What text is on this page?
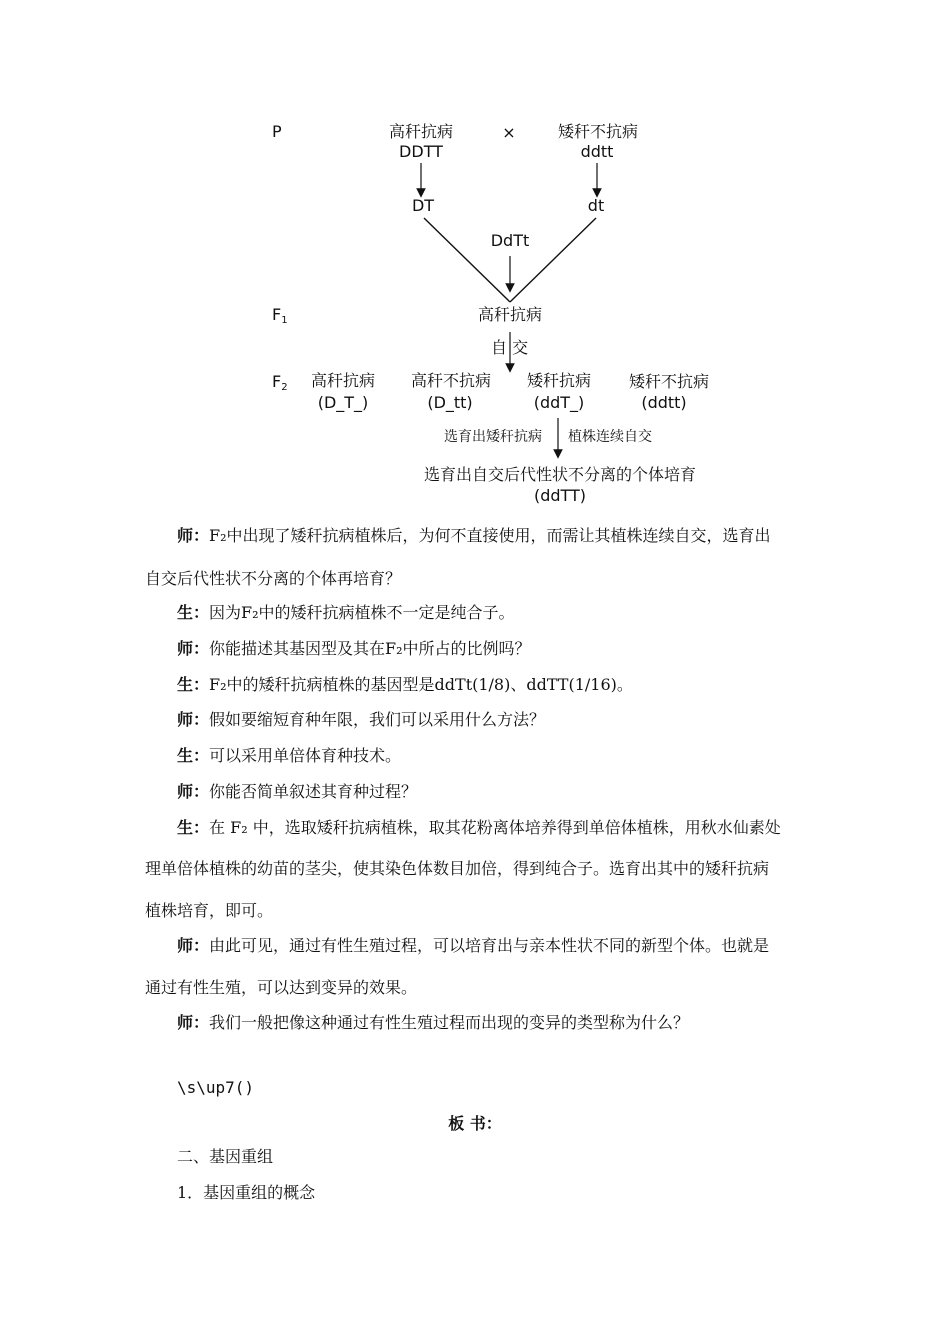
P	高秆抗病
DDTT
×	矮秆不抗病
ddtt
DT	dt
DdTt
$F_1$	高秆抗病
自 交
$F_2$ 高秆抗病
(D_T_)
高秆不抗病
(D_tt)
矮秆抗病
(ddT_)
矮秆不抗病
(ddtt)
选育出矮秆抗病 植株连续自交
选育出自交后代性状不分离的个体培育
(ddTT)
师：F₂中出现了矮秆抗病植株后，为何不直接使用，而需让其植株连续自交，选育出
自交后代性状不分离的个体再培育？
生：因为F₂中的矮秆抗病植株不一定是纯合子。
师：你能描述其基因型及其在F₂中所占的比例吗？
生：F₂中的矮秆抗病植株的基因型是ddTt(1/8)、ddTT(1/16)。
师：假如要缩短育种年限，我们可以采用什么方法？
生：可以采用单倍体育种技术。
师：你能否简单叙述其育种过程？
生：在 F₂ 中，选取矮秆抗病植株，取其花粉离体培养得到单倍体植株，用秋水仙素处
理单倍体植株的幼苗的茎尖，使其染色体数目加倍，得到纯合子。选育出其中的矮秆抗病
植株培育，即可。
师：由此可见，通过有性生殖过程，可以培育出与亲本性状不同的新型个体。也就是
通过有性生殖，可以达到变异的效果。
师：我们一般把像这种通过有性生殖过程而出现的变异的类型称为什么？
\s\up7()
板 书：
二、基因重组
1．基因重组的概念
